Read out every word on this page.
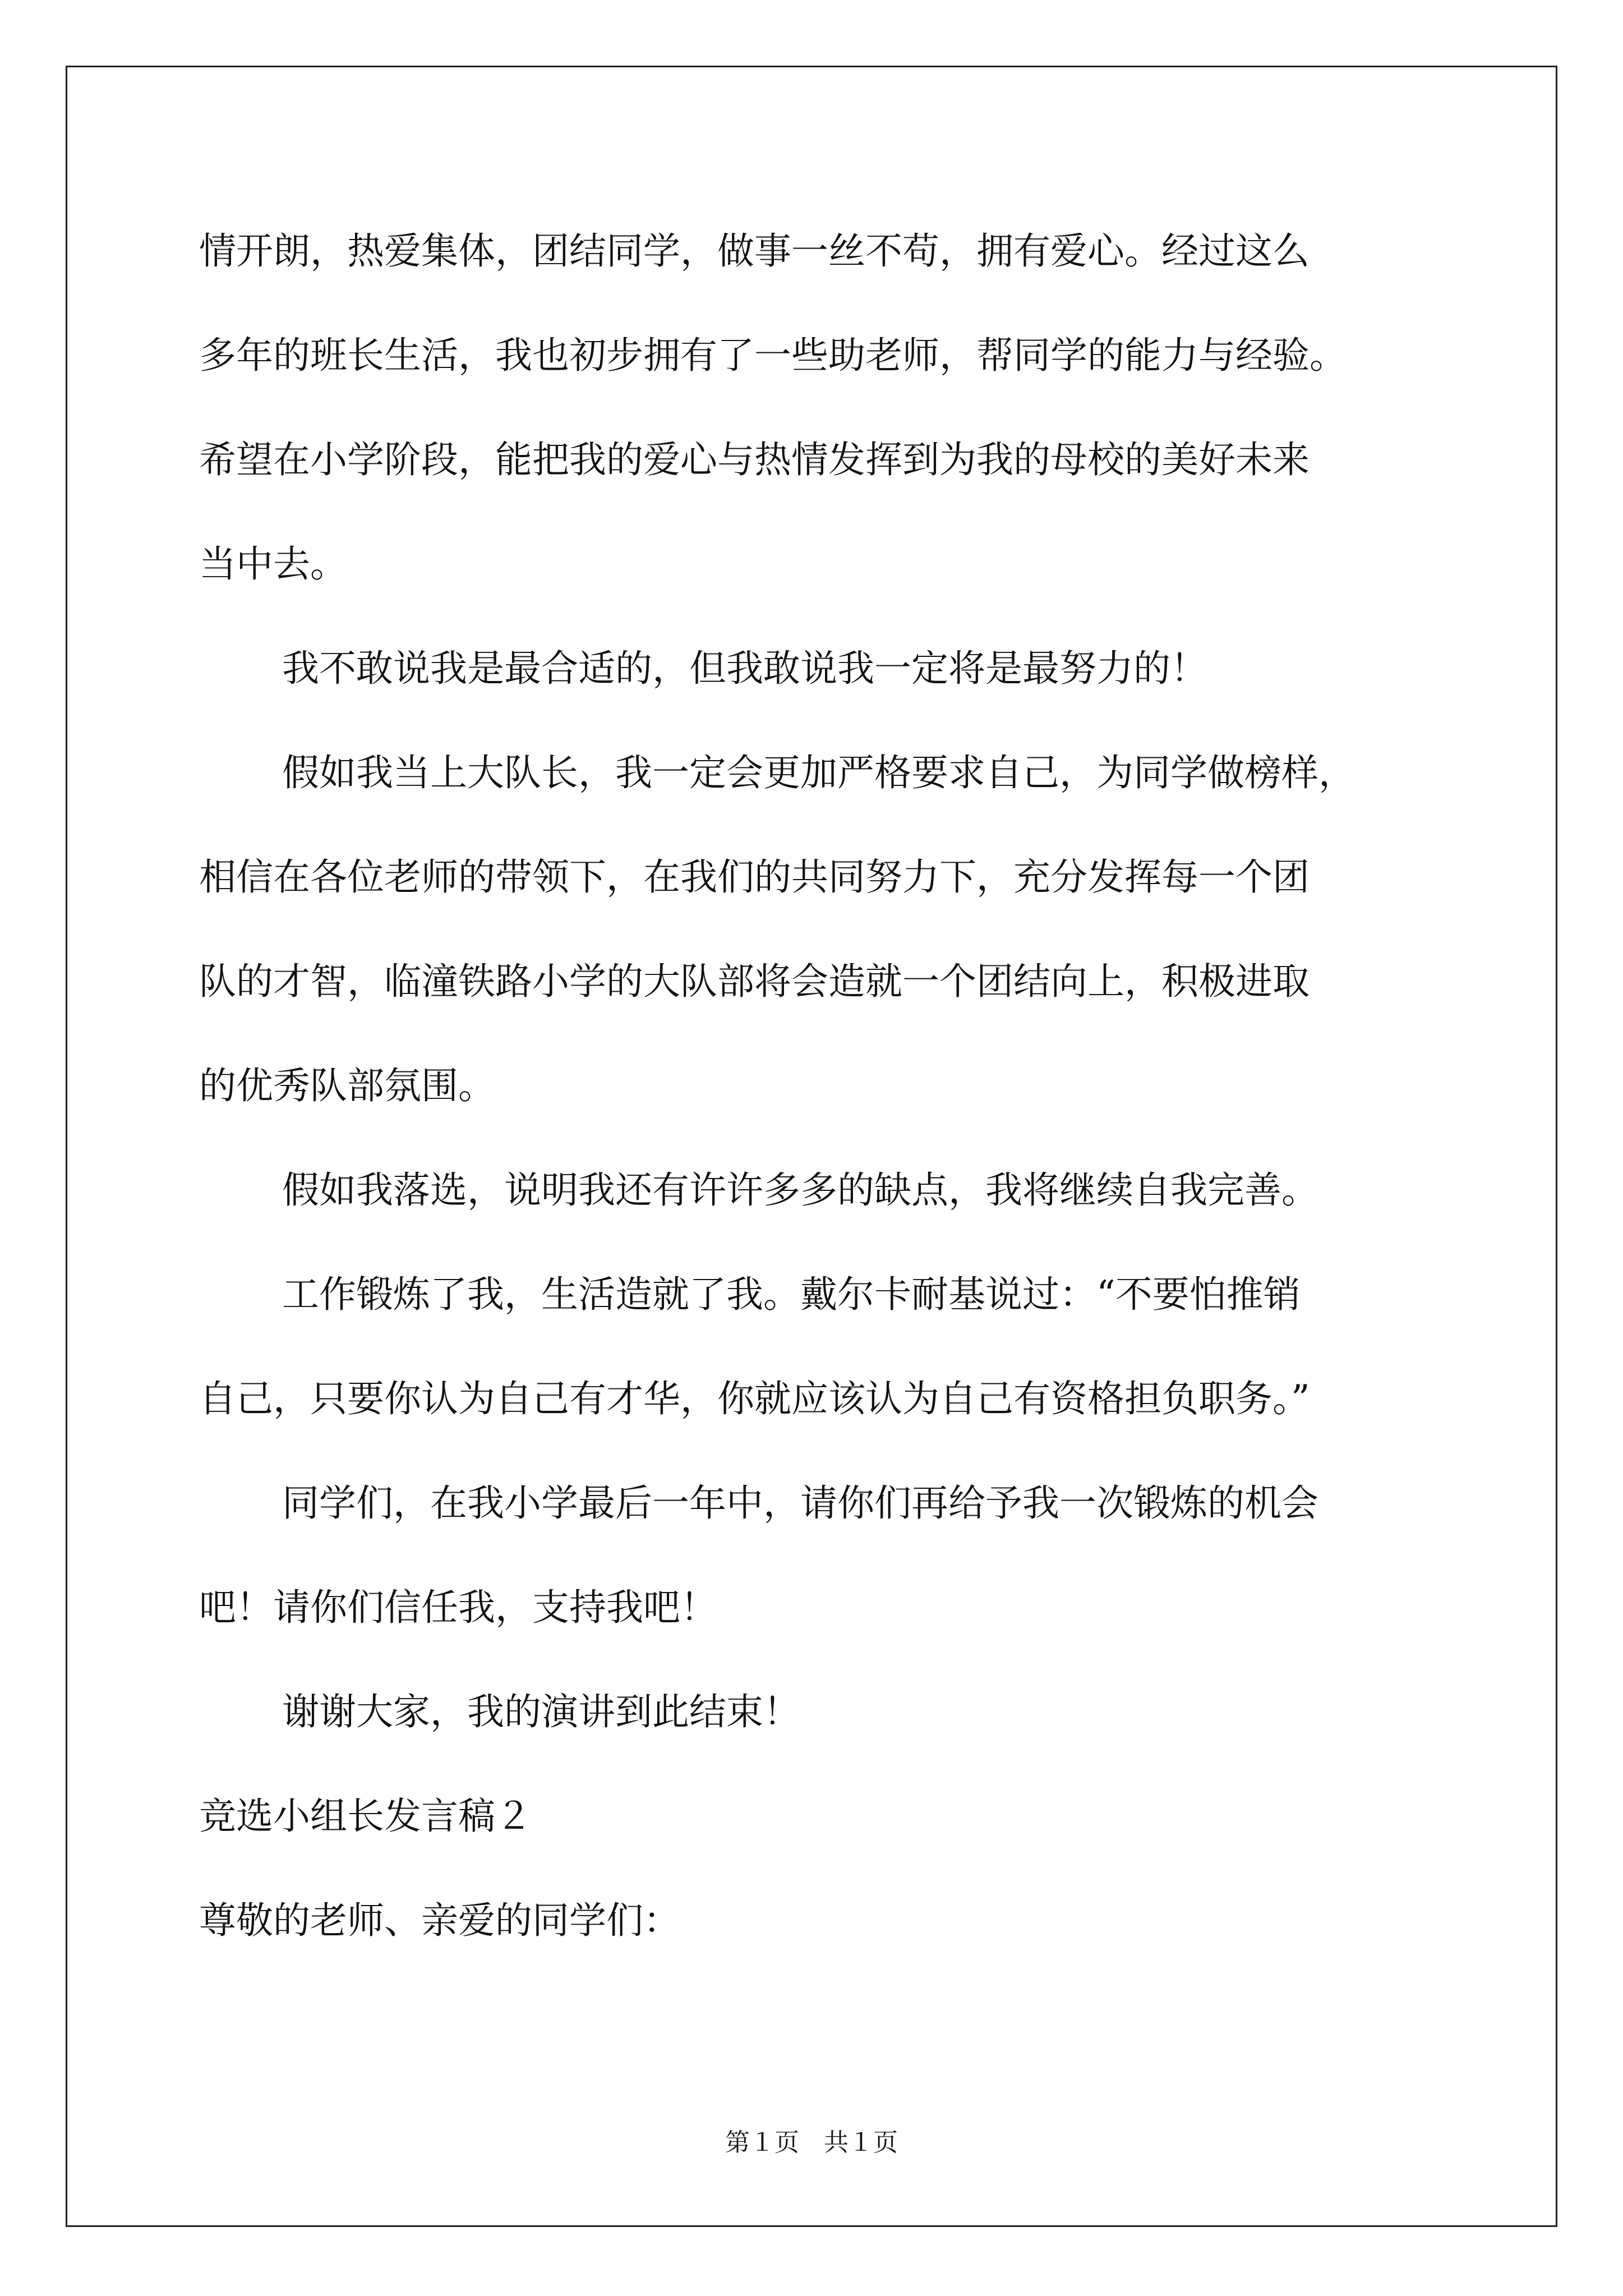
情开朗，热爱集体，团结同学，做事一丝不苟，拥有爱心。经过这么
多年的班长生活，我也初步拥有了一些助老师，帮同学的能力与经验。
希望在小学阶段，能把我的爱心与热情发挥到为我的母校的美好未来
当中去。
我不敢说我是最合适的，但我敢说我一定将是最努力的！
假如我当上大队长，我一定会更加严格要求自己，为同学做榜样，
相信在各位老师的带领下，在我们的共同努力下，充分发挥每一个团
队的才智，临潼铁路小学的大队部将会造就一个团结向上，积极进取
的优秀队部氛围。
假如我落选，说明我还有许许多多的缺点，我将继续自我完善。
工作锻炼了我，生活造就了我。戴尔卡耐基说过：“不要怕推销
自己，只要你认为自己有才华，你就应该认为自己有资格担负职务。”
同学们，在我小学最后一年中，请你们再给予我一次锻炼的机会
吧！请你们信任我，支持我吧！
谢谢大家，我的演讲到此结束！
竞选小组长发言稿２
尊敬的老师、亲爱的同学们：
第１页　共１页
